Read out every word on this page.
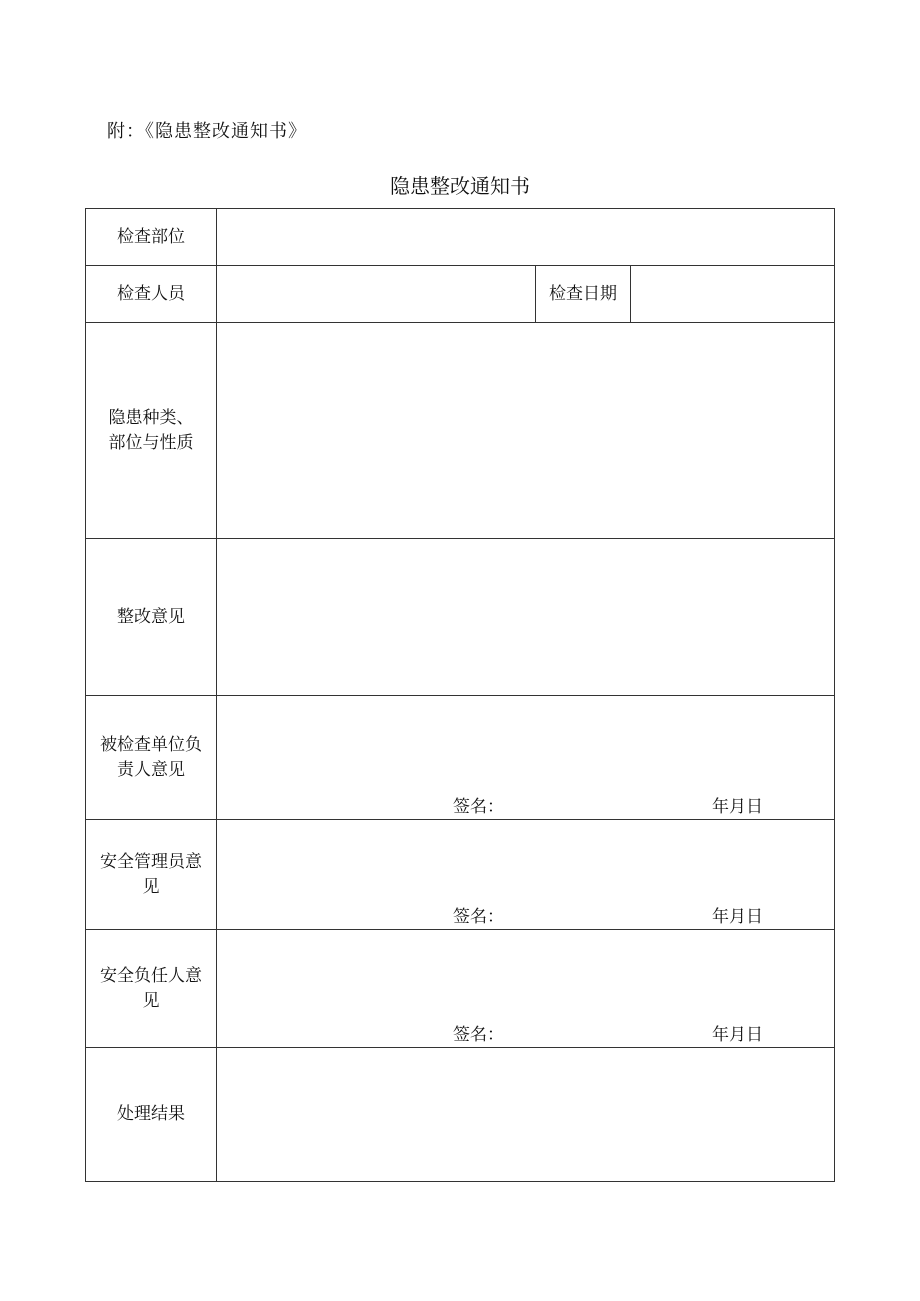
附：《隐患整改通知书》
隐患整改通知书
检查部位			
检查人员		检查日期	

隐患种类、
部位与性质			

整改意见			

被检查单位负
责人意见	签名： 年月日		

安全管理员意
见	签名： 年月日		

安全负任人意
见	签名： 年月日		

处理结果			
